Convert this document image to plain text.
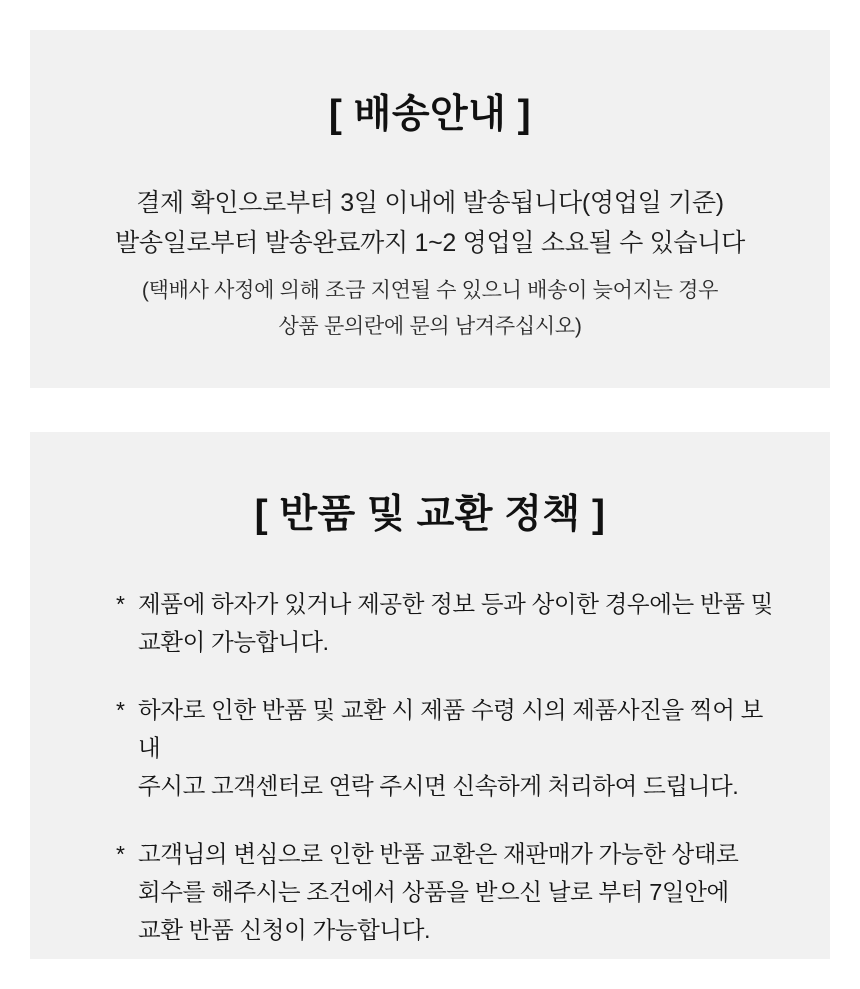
[ 배송안내 ]
결제 확인으로부터 3일 이내에 발송됩니다(영업일 기준)
발송일로부터 발송완료까지 1~2 영업일 소요될 수 있습니다
(택배사 사정에 의해 조금 지연될 수 있으니 배송이 늦어지는 경우
상품 문의란에 문의 남겨주십시오)
[ 반품 및 교환 정책 ]
* 제품에 하자가 있거나 제공한 정보 등과 상이한 경우에는 반품 및
교환이 가능합니다.
* 하자로 인한 반품 및 교환 시 제품 수령 시의 제품사진을 찍어 보내
주시고 고객센터로 연락 주시면 신속하게 처리하여 드립니다.
* 고객님의 변심으로 인한 반품 교환은 재판매가 가능한 상태로
회수를 해주시는 조건에서 상품을 받으신 날로 부터 7일안에
교환 반품 신청이 가능합니다.
